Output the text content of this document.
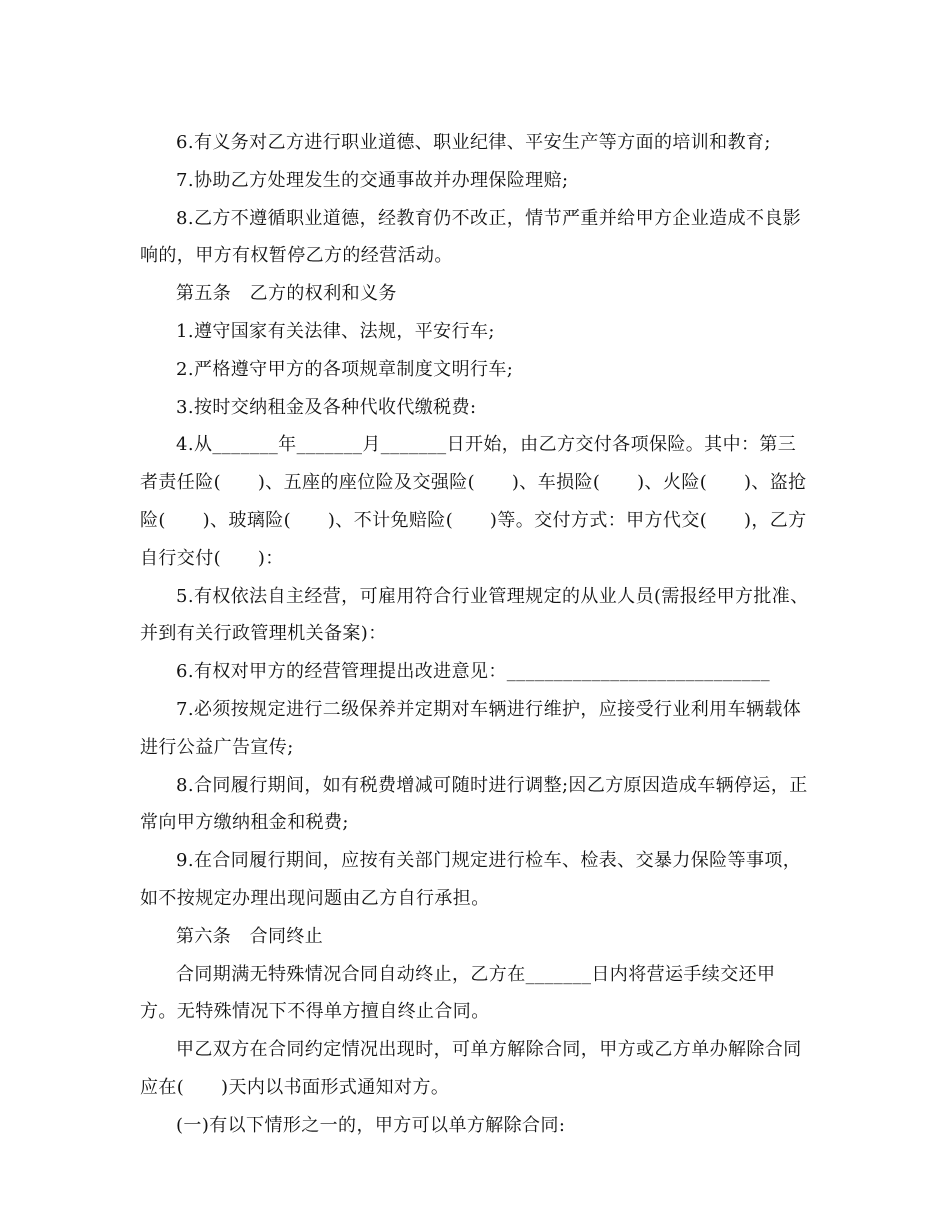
6.有义务对乙方进行职业道德、职业纪律、平安生产等方面的培训和教育;

7.协助乙方处理发生的交通事故并办理保险理赔;

8.乙方不遵循职业道德，经教育仍不改正，情节严重并给甲方企业造成不良影响的，甲方有权暂停乙方的经营活动。

第五条　乙方的权利和义务

1.遵守国家有关法律、法规，平安行车;

2.严格遵守甲方的各项规章制度文明行车;

3.按时交纳租金及各种代收代缴税费:

4.从_______年_______月_______日开始，由乙方交付各项保险。其中：第三者责任险(　　)、五座的座位险及交强险(　　)、车损险(　　)、火险(　　)、盗抢险(　　)、玻璃险(　　)、不计免赔险(　　)等。交付方式：甲方代交(　　)，乙方自行交付(　　)：

5.有权依法自主经营，可雇用符合行业管理规定的从业人员(需报经甲方批准、并到有关行政管理机关备案)：

6.有权对甲方的经营管理提出改进意见：____________________________

7.必须按规定进行二级保养并定期对车辆进行维护，应接受行业利用车辆载体进行公益广告宣传;

8.合同履行期间，如有税费增减可随时进行调整;因乙方原因造成车辆停运，正常向甲方缴纳租金和税费;

9.在合同履行期间，应按有关部门规定进行检车、检表、交暴力保险等事项，如不按规定办理出现问题由乙方自行承担。

第六条　合同终止

合同期满无特殊情况合同自动终止，乙方在_______日内将营运手续交还甲方。无特殊情况下不得单方擅自终止合同。

甲乙双方在合同约定情况出现时，可单方解除合同，甲方或乙方单办解除合同应在(　　)天内以书面形式通知对方。

(一)有以下情形之一的，甲方可以单方解除合同:
